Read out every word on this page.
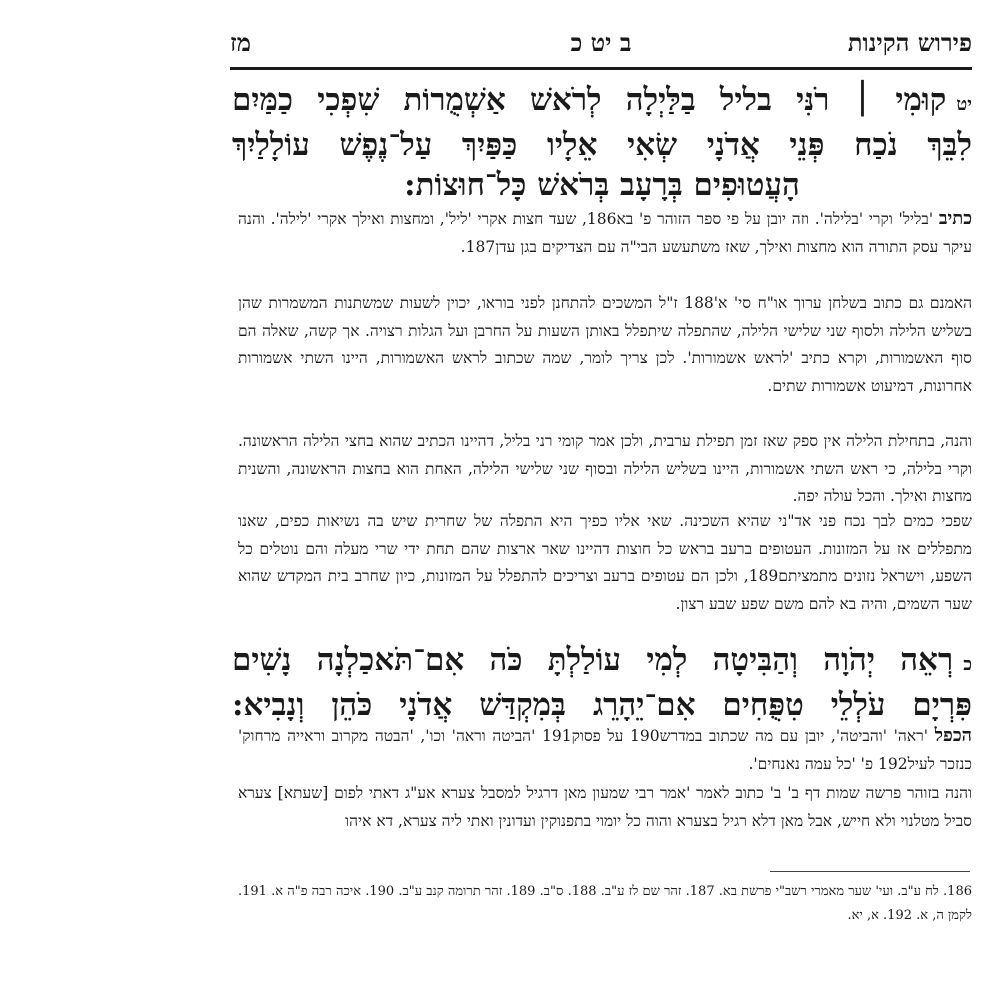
פירוש הקינות
ב יט כ
מז
יטקוּמִי ׀ רֹנִּי בליל בַלַּיְלָה לְרֹאשׁ אַשְׁמֻרוֹת שִׁפְכִי כַמַּיִם
לִבֵּךְ נֹכַח פְּנֵי אֲדֹנָי שְׂאִי אֵלָיו כַּפַּיִךְ עַל־נֶפֶשׁ עוֹלָלַיִךְ
הָעֲטוּפִים בְּרָעָב בְּרֹאשׁ כָּל־חוּצוֹת:
כתיב 'בליל' וקרי 'בלילה'. וזה יובן על פי ספר הזוהר פ' בא186, שעד חצות אקרי 'ליל', ומחצות ואילך אקרי 'לילה'. והנה עיקר עסק התורה הוא מחצות ואילך, שאז משתעשע הבי"ה עם הצדיקים בגן עדן187.
האמנם גם כתוב בשלחן ערוך או"ח סי' א'188 ז"ל המשכים להתחנן לפני בוראו, יכוין לשעות שמשתנות המשמרות שהן בשליש הלילה ולסוף שני שלישי הלילה, שהתפלה שיתפלל באותן השעות על החרבן ועל הגלות רצויה. אך קשה, שאלה הם סוף האשמורות, וקרא כתיב 'לראש אשמורות'. לכן צריך לומר, שמה שכתוב לראש האשמורות, היינו השתי אשמורות אחרונות, דמיעוט אשמורות שתים.
והנה, בתחילת הלילה אין ספק שאז זמן תפילת ערבית, ולכן אמר קומי רני בליל, דהיינו הכתיב שהוא בחצי הלילה הראשונה. וקרי בלילה, כי ראש השתי אשמורות, היינו בשליש הלילה ובסוף שני שלישי הלילה, האחת הוא בחצות הראשונה, והשנית מחצות ואילך. והכל עולה יפה.
שפכי כמים לבך נכח פני אד"ני שהיא השכינה. שאי אליו כפיך היא התפלה של שחרית שיש בה נשיאות כפים, שאנו מתפללים אז על המזונות. העטופים ברעב בראש כל חוצות דהיינו שאר ארצות שהם תחת ידי שרי מעלה והם נוטלים כל השפע, וישראל נזונים מתמציתם189, ולכן הם עטופים ברעב וצריכים להתפלל על המזונות, כיון שחרב בית המקדש שהוא שער השמים, והיה בא להם משם שפע שבע רצון.
כרְאֵה יְהֹוָה וְהַבִּיטָה לְמִי עוֹלַלְתָּ כֹּה אִם־תֹּאכַלְנָה נָשִׁים
פִּרְיָם עֹלְלֵי טִפֻּחִים אִם־יֵהָרֵג בְּמִקְדַּשׁ אֲדֹנָי כֹּהֵן וְנָבִיא:
הכפל 'ראה' 'והביטה', יובן עם מה שכתוב במדרש190 על פסוק191 'הביטה וראה' וכו', 'הבטה מקרוב וראייה מרחוק' כנזכר לעיל192 פ' 'כל עמה נאנחים'.
והנה בזוהר פרשה שמות דף ב' ב' כתוב לאמר 'אמר רבי שמעון מאן דרגיל למסבל צערא אע"ג דאתי לפום [שעתא] צערא סביל מטלנוי ולא חייש, אבל מאן דלא רגיל בצערא והוה כל יומוי בתפנוקין ועדונין ואתי ליה צערא, דא איהו
186. לח ע"ב. ועי' שער מאמרי רשב"י פרשת בא. 187. זהר שם לז ע"ב. 188. ס"ב. 189. זהר תרומה קנב ע"ב. 190. איכה רבה פ"ה א. 191. לקמן ה, א. 192. א, יא.
